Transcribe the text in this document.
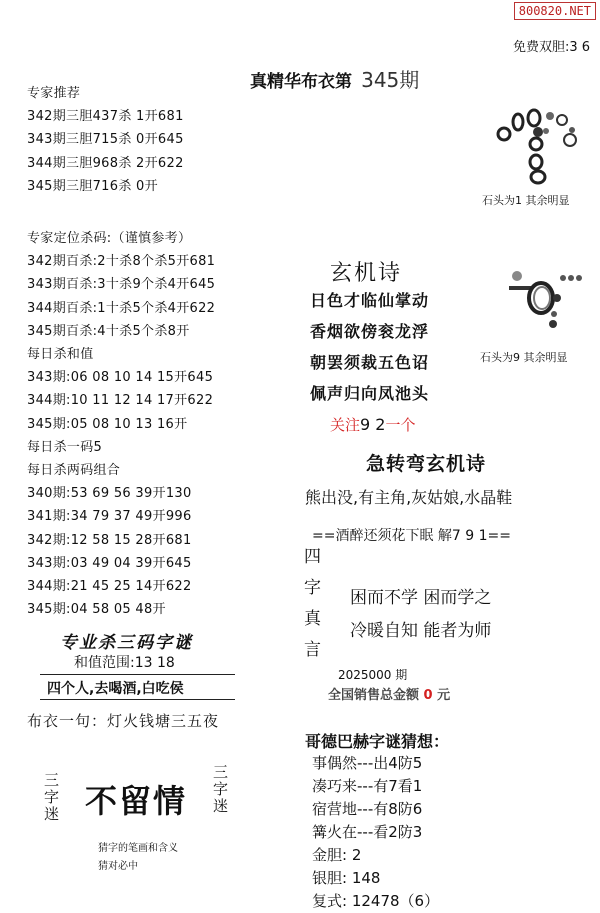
800820.NET
免费双胆:3 6
真精华布衣第 345期
专家推荐
342期三胆437杀 1开681
343期三胆715杀 0开645
344期三胆968杀 2开622
345期三胆716杀 0开
专家定位杀码:（谨慎参考）
342期百杀:2十杀8个杀5开681
343期百杀:3十杀9个杀4开645
344期百杀:1十杀5个杀4开622
345期百杀:4十杀5个杀8开
每日杀和值
343期:06 08 10 14 15开645
344期:10 11 12 14 17开622
345期:05 08 10 13 16开
每日杀一码5
每日杀两码组合
340期:53 69 56 39开130
341期:34 79 37 49开996
342期:12 58 15 28开681
343期:03 49 04 39开645
344期:21 45 25 14开622
345期:04 58 05 48开
专业杀三码字谜
和值范围:13 18
四个人,去喝酒,白吃侯
布衣一句：灯火钱塘三五夜
三字迷 不留情
三字迷
猜字的笔画和含义
猜对必中
石头为1 其余明显
石头为9 其余明显
玄机诗
日色才临仙掌动
香烟欲傍衮龙浮
朝罢须裁五色诏
佩声归向凤池头
关注9 2一个
急转弯玄机诗
熊出没,有主角,灰姑娘,水晶鞋
==酒醉还须花下眠 解7 9 1==
四
字
真
言
困而不学 困而学之
冷暖自知 能者为师
2025000 期
全国销售总金额 0 元
哥德巴赫字谜猜想：
事偶然---出4防5
凑巧来---有7看1
宿营地---有8防6
篝火在---看2防3
金胆: 2
银胆: 148
复式: 12478（6）
